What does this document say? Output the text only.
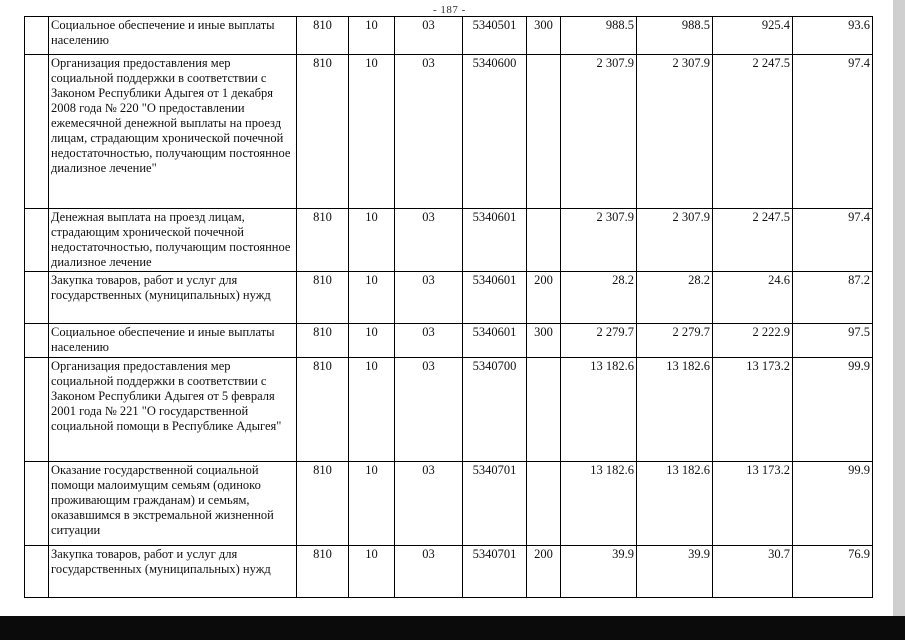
- 187 -
	Социальное обеспечение и иные выплаты населению	810	10	03	5340501	300	988.5	988.5	925.4	93.6
	Организация предоставления мер социальной поддержки в соответствии с Законом Республики Адыгея от 1 декабря 2008 года № 220 "О предоставлении ежемесячной денежной выплаты на проезд лицам, страдающим хронической почечной недостаточностью, получающим постоянное диализное лечение"	810	10	03	5340600		2 307.9	2 307.9	2 247.5	97.4
	Денежная выплата на проезд лицам, страдающим хронической почечной недостаточностью, получающим постоянное диализное лечение	810	10	03	5340601		2 307.9	2 307.9	2 247.5	97.4
	Закупка товаров, работ и услуг для государственных (муниципальных) нужд	810	10	03	5340601	200	28.2	28.2	24.6	87.2
	Социальное обеспечение и иные выплаты населению	810	10	03	5340601	300	2 279.7	2 279.7	2 222.9	97.5
	Организация предоставления мер социальной поддержки в соответствии с Законом Республики Адыгея от 5 февраля 2001 года № 221 "О государственной социальной помощи в Республике Адыгея"	810	10	03	5340700		13 182.6	13 182.6	13 173.2	99.9
	Оказание государственной социальной помощи малоимущим семьям (одиноко проживающим гражданам) и семьям, оказавшимся в экстремальной жизненной ситуации	810	10	03	5340701		13 182.6	13 182.6	13 173.2	99.9
	Закупка товаров, работ и услуг для государственных (муниципальных) нужд	810	10	03	5340701	200	39.9	39.9	30.7	76.9
